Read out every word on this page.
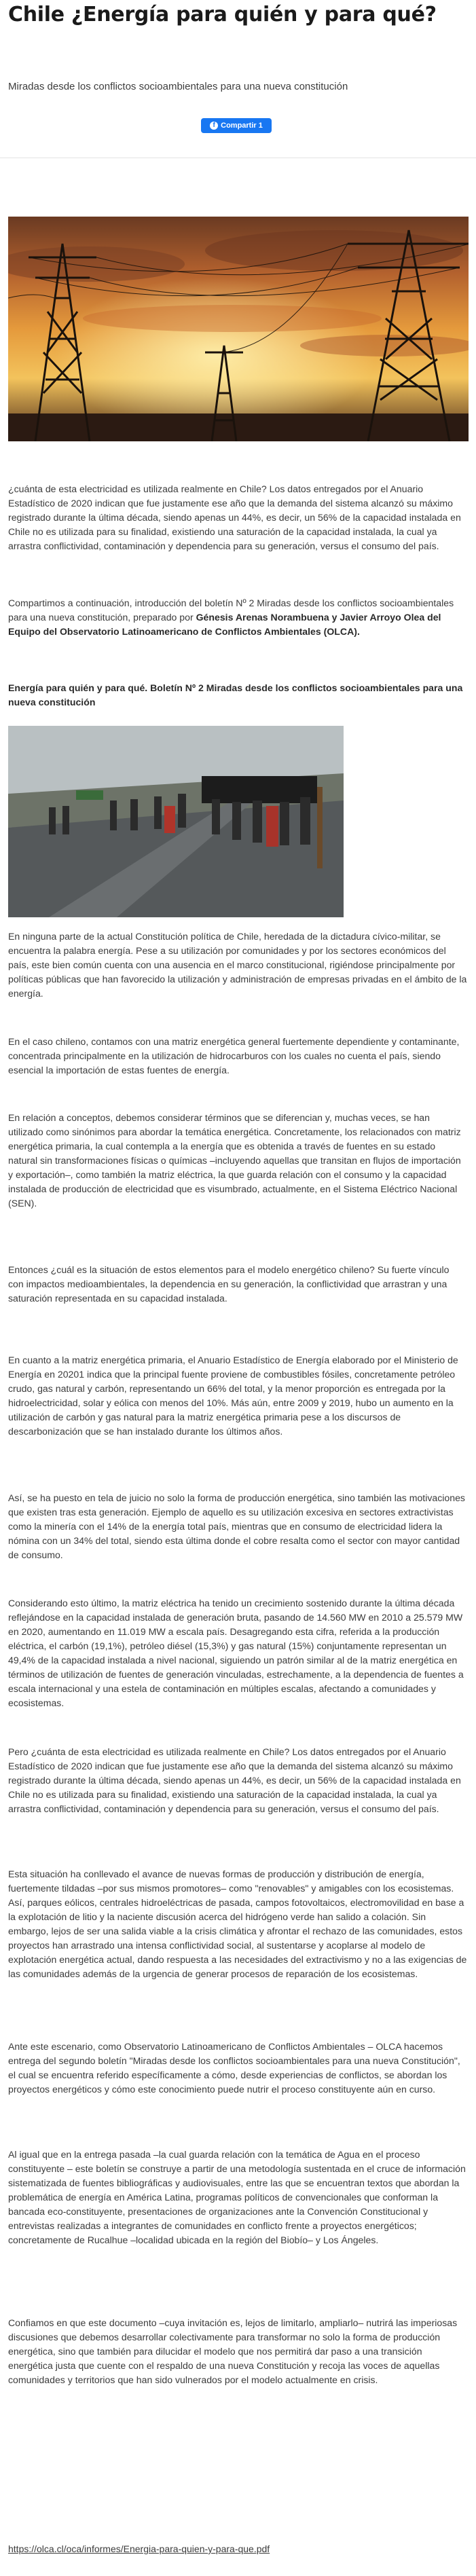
Chile ¿Energía para quién y para qué?

Miradas desde los conflictos socioambientales para una nueva constitución

f Compartir 1

¿cuánta de esta electricidad es utilizada realmente en Chile? Los datos entregados por el Anuario Estadístico de 2020 indican que fue justamente ese año que la demanda del sistema alcanzó su máximo registrado durante la última década, siendo apenas un 44%, es decir, un 56% de la capacidad instalada en Chile no es utilizada para su finalidad, existiendo una saturación de la capacidad instalada, la cual ya arrastra conflictividad, contaminación y dependencia para su generación, versus el consumo del país.

Compartimos a continuación, introducción del boletín Nº 2 Miradas desde los conflictos socioambientales para una nueva constitución, preparado por Génesis Arenas Norambuena y Javier Arroyo Olea del Equipo del Observatorio Latinoamericano de Conflictos Ambientales (OLCA).

Energía para quién y para qué. Boletín Nº 2 Miradas desde los conflictos socioambientales para una nueva constitución

En ninguna parte de la actual Constitución política de Chile, heredada de la dictadura cívico-militar, se encuentra la palabra energía. Pese a su utilización por comunidades y por los sectores económicos del país, este bien común cuenta con una ausencia en el marco constitucional, rigiéndose principalmente por políticas públicas que han favorecido la utilización y administración de empresas privadas en el ámbito de la energía.

En el caso chileno, contamos con una matriz energética general fuertemente dependiente y contaminante, concentrada principalmente en la utilización de hidrocarburos con los cuales no cuenta el país, siendo esencial la importación de estas fuentes de energía.

En relación a conceptos, debemos considerar términos que se diferencian y, muchas veces, se han utilizado como sinónimos para abordar la temática energética. Concretamente, los relacionados con matriz energética primaria, la cual contempla a la energía que es obtenida a través de fuentes en su estado natural sin transformaciones físicas o químicas –incluyendo aquellas que transitan en flujos de importación y exportación–, como también la matriz eléctrica, la que guarda relación con el consumo y la capacidad instalada de producción de electricidad que es visumbrado, actualmente, en el Sistema Eléctrico Nacional (SEN).

Entonces ¿cuál es la situación de estos elementos para el modelo energético chileno? Su fuerte vínculo con impactos medioambientales, la dependencia en su generación, la conflictividad que arrastran y una saturación representada en su capacidad instalada.

En cuanto a la matriz energética primaria, el Anuario Estadístico de Energía elaborado por el Ministerio de Energía en 20201 indica que la principal fuente proviene de combustibles fósiles, concretamente petróleo crudo, gas natural y carbón, representando un 66% del total, y la menor proporción es entregada por la hidroelectricidad, solar y eólica con menos del 10%. Más aún, entre 2009 y 2019, hubo un aumento en la utilización de carbón y gas natural para la matriz energética primaria pese a los discursos de descarbonización que se han instalado durante los últimos años.

Así, se ha puesto en tela de juicio no solo la forma de producción energética, sino también las motivaciones que existen tras esta generación. Ejemplo de aquello es su utilización excesiva en sectores extractivistas como la minería con el 14% de la energía total país, mientras que en consumo de electricidad lidera la nómina con un 34% del total, siendo esta última donde el cobre resalta como el sector con mayor cantidad de consumo.

Considerando esto último, la matriz eléctrica ha tenido un crecimiento sostenido durante la última década reflejándose en la capacidad instalada de generación bruta, pasando de 14.560 MW en 2010 a 25.579 MW en 2020, aumentando en 11.019 MW a escala país. Desagregando esta cifra, referida a la producción eléctrica, el carbón (19,1%), petróleo diésel (15,3%) y gas natural (15%) conjuntamente representan un 49,4% de la capacidad instalada a nivel nacional, siguiendo un patrón similar al de la matriz energética en términos de utilización de fuentes de generación vinculadas, estrechamente, a la dependencia de fuentes a escala internacional y una estela de contaminación en múltiples escalas, afectando a comunidades y ecosistemas.

Pero ¿cuánta de esta electricidad es utilizada realmente en Chile? Los datos entregados por el Anuario Estadístico de 2020 indican que fue justamente ese año que la demanda del sistema alcanzó su máximo registrado durante la última década, siendo apenas un 44%, es decir, un 56% de la capacidad instalada en Chile no es utilizada para su finalidad, existiendo una saturación de la capacidad instalada, la cual ya arrastra conflictividad, contaminación y dependencia para su generación, versus el consumo del país.

Esta situación ha conllevado el avance de nuevas formas de producción y distribución de energía, fuertemente tildadas –por sus mismos promotores– como "renovables" y amigables con los ecosistemas. Así, parques eólicos, centrales hidroeléctricas de pasada, campos fotovoltaicos, electromovilidad en base a la explotación de litio y la naciente discusión acerca del hidrógeno verde han salido a colación. Sin embargo, lejos de ser una salida viable a la crisis climática y afrontar el rechazo de las comunidades, estos proyectos han arrastrado una intensa conflictividad social, al sustentarse y acoplarse al modelo de explotación energética actual, dando respuesta a las necesidades del extractivismo y no a las exigencias de las comunidades además de la urgencia de generar procesos de reparación de los ecosistemas.

Ante este escenario, como Observatorio Latinoamericano de Conflictos Ambientales – OLCA hacemos entrega del segundo boletín "Miradas desde los conflictos socioambientales para una nueva Constitución", el cual se encuentra referido específicamente a cómo, desde experiencias de conflictos, se abordan los proyectos energéticos y cómo este conocimiento puede nutrir el proceso constituyente aún en curso.

Al igual que en la entrega pasada –la cual guarda relación con la temática de Agua en el proceso constituyente – este boletín se construye a partir de una metodología sustentada en el cruce de información sistematizada de fuentes bibliográficas y audiovisuales, entre las que se encuentran textos que abordan la problemática de energía en América Latina, programas políticos de convencionales que conforman la bancada eco-constituyente, presentaciones de organizaciones ante la Convención Constitucional y entrevistas realizadas a integrantes de comunidades en conflicto frente a proyectos energéticos; concretamente de Rucalhue –localidad ubicada en la región del Biobío– y Los Ángeles.

Confiamos en que este documento –cuya invitación es, lejos de limitarlo, ampliarlo– nutrirá las imperiosas discusiones que debemos desarrollar colectivamente para transformar no solo la forma de producción energética, sino que también para dilucidar el modelo que nos permitirá dar paso a una transición energética justa que cuente con el respaldo de una nueva Constitución y recoja las voces de aquellas comunidades y territorios que han sido vulnerados por el modelo actualmente en crisis.

https://olca.cl/oca/informes/Energia-para-quien-y-para-que.pdf
